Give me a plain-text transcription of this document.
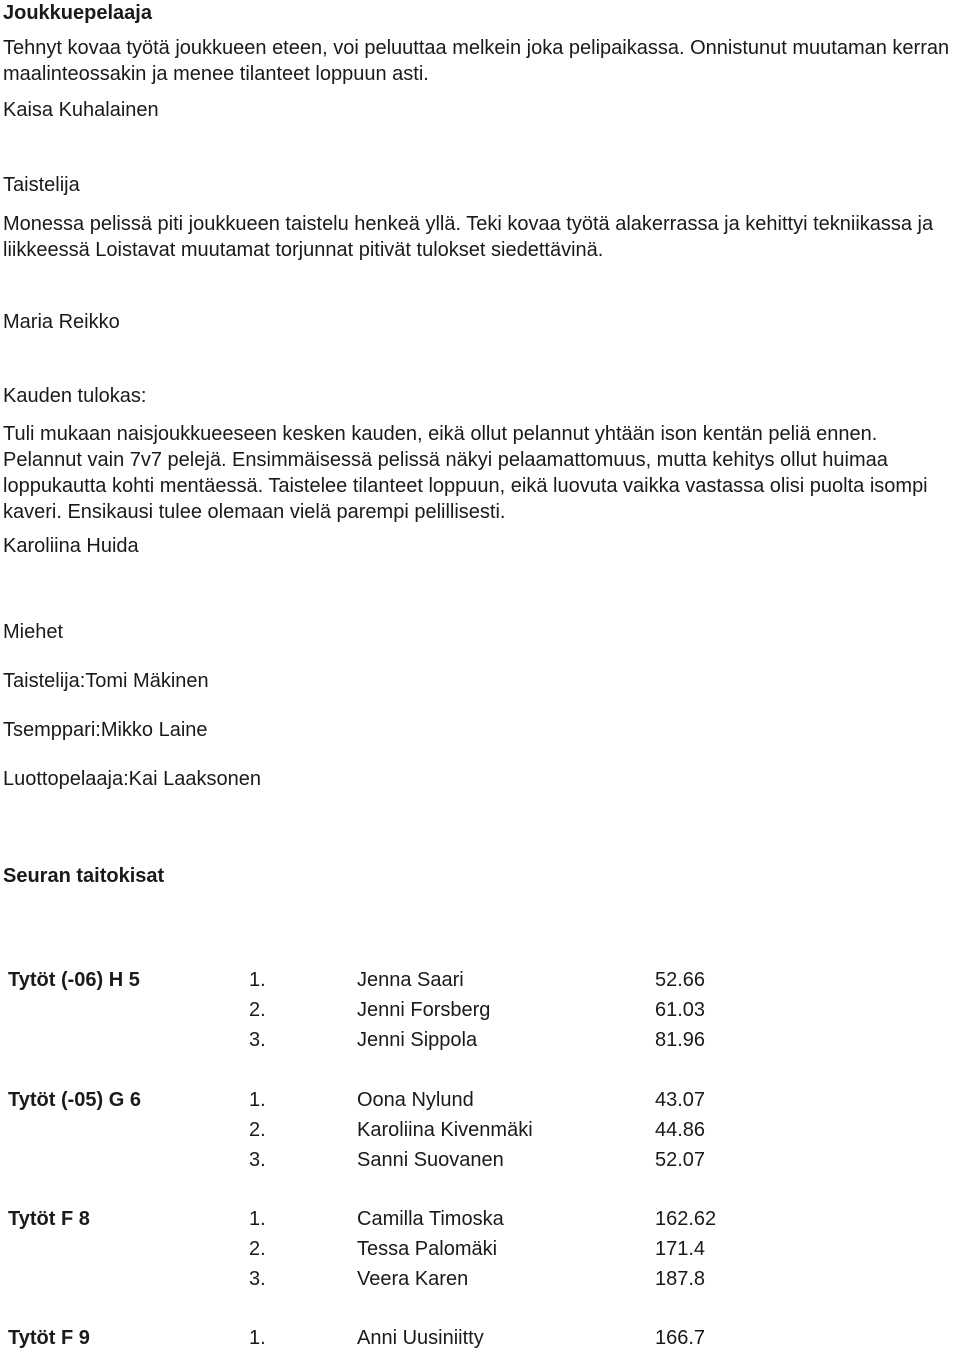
Joukkuepelaaja
Tehnyt kovaa työtä joukkueen eteen, voi peluuttaa melkein joka pelipaikassa. Onnistunut muutaman kerran maalinteossakin ja menee tilanteet loppuun asti.
Kaisa Kuhalainen
Taistelija
Monessa pelissä piti joukkueen taistelu henkeä yllä. Teki kovaa työtä alakerrassa ja kehittyi tekniikassa ja liikkeessä Loistavat muutamat torjunnat pitivät tulokset siedettävinä.
Maria Reikko
Kauden tulokas:
Tuli mukaan naisjoukkueeseen kesken kauden, eikä ollut pelannut yhtään ison kentän peliä ennen. Pelannut vain 7v7 pelejä. Ensimmäisessä pelissä näkyi pelaamattomuus, mutta kehitys ollut huimaa loppukautta kohti mentäessä. Taistelee tilanteet loppuun, eikä luovuta vaikka vastassa olisi puolta isompi kaveri. Ensikausi tulee olemaan vielä parempi pelillisesti.
Karoliina Huida
Miehet
Taistelija:Tomi Mäkinen
Tsemppari:Mikko Laine
Luottopelaaja:Kai Laaksonen
Seuran taitokisat
Tytöt (-06) H 5	1.	Jenna Saari	52.66
2.	Jenni Forsberg	61.03
3.	Jenni Sippola	81.96
Tytöt (-05) G 6	1.	Oona Nylund	43.07
2.	Karoliina Kivenmäki	44.86
3.	Sanni Suovanen	52.07
Tytöt F 8	1.	Camilla Timoska	162.62
2.	Tessa Palomäki	171.4
3.	Veera Karen	187.8
Tytöt F 9	1.	Anni Uusiniitty	166.7
